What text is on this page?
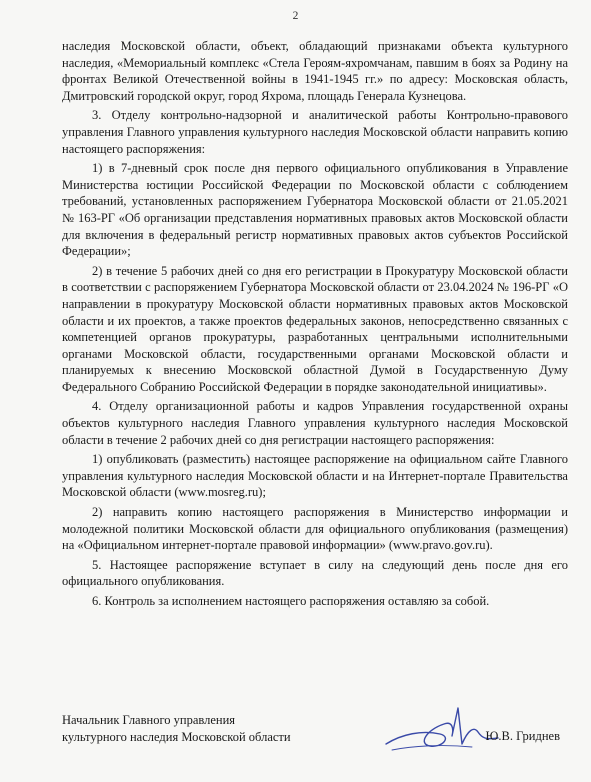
2

наследия Московской области, объект, обладающий признаками объекта культурного наследия, «Мемориальный комплекс «Стела Героям-яхромчанам, павшим в боях за Родину на фронтах Великой Отечественной войны в 1941-1945 гг.» по адресу: Московская область, Дмитровский городской округ, город Яхрома, площадь Генерала Кузнецова.

3. Отделу контрольно-надзорной и аналитической работы Контрольно-правового управления Главного управления культурного наследия Московской области направить копию настоящего распоряжения:

1) в 7-дневный срок после дня первого официального опубликования в Управление Министерства юстиции Российской Федерации по Московской области с соблюдением требований, установленных распоряжением Губернатора Московской области от 21.05.2021 № 163-РГ «Об организации представления нормативных правовых актов Московской области для включения в федеральный регистр нормативных правовых актов субъектов Российской Федерации»;

2) в течение 5 рабочих дней со дня его регистрации в Прокуратуру Московской области в соответствии с распоряжением Губернатора Московской области от 23.04.2024 № 196-РГ «О направлении в прокуратуру Московской области нормативных правовых актов Московской области и их проектов, а также проектов федеральных законов, непосредственно связанных с компетенцией органов прокуратуры, разработанных центральными исполнительными органами Московской области, государственными органами Московской области и планируемых к внесению Московской областной Думой в Государственную Думу Федерального Собранию Российской Федерации в порядке законодательной инициативы».

4. Отделу организационной работы и кадров Управления государственной охраны объектов культурного наследия Главного управления культурного наследия Московской области в течение 2 рабочих дней со дня регистрации настоящего распоряжения:

1) опубликовать (разместить) настоящее распоряжение на официальном сайте Главного управления культурного наследия Московской области и на Интернет-портале Правительства Московской области (www.mosreg.ru);

2) направить копию настоящего распоряжения в Министерство информации и молодежной политики Московской области для официального опубликования (размещения) на «Официальном интернет-портале правовой информации» (www.pravo.gov.ru).

5. Настоящее распоряжение вступает в силу на следующий день после дня его официального опубликования.

6. Контроль за исполнением настоящего распоряжения оставляю за собой.

Начальник Главного управления

культурного наследия Московской области	Ю.В. Гриднев
